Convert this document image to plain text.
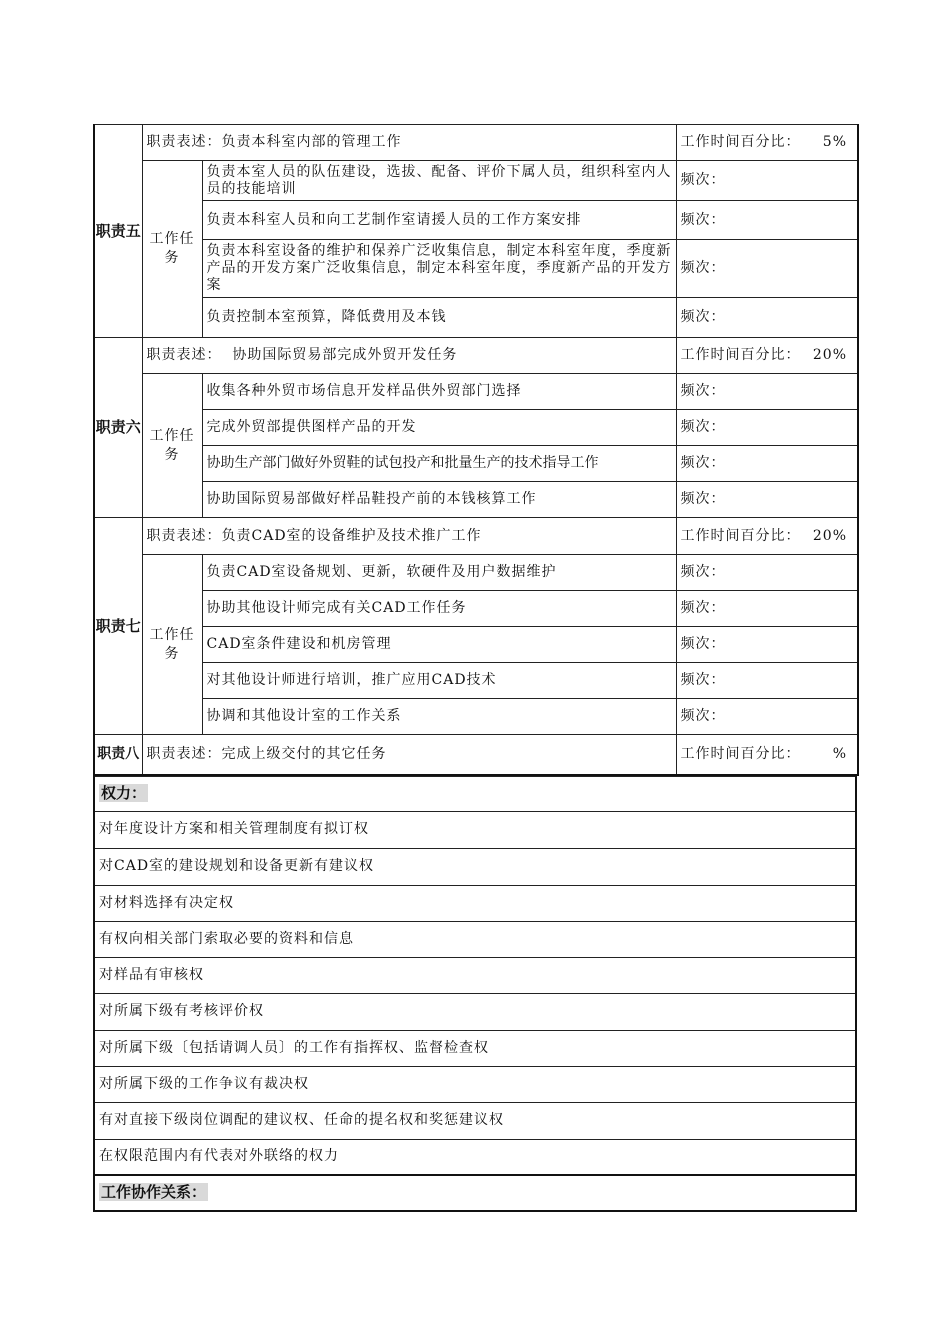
职责五	职责表述：负责本科室内部的管理工作		工作时间百分比： 5%

	工作任务	负责本室人员的队伍建设，选拔、配备、评价下属人员，组织科室内人员的技能培训	频次：
		负责本科室人员和向工艺制作室请援人员的工作方案安排	频次：
		负责本科室设备的维护和保养广泛收集信息，制定本科室年度，季度新产品的开发方案广泛收集信息，制定本科室年度，季度新产品的开发方案	频次：
		负责控制本室预算，降低费用及本钱	频次：
职责六	职责表述：  协助国际贸易部完成外贸开发任务		工作时间百分比： 20%

	工作任务	收集各种外贸市场信息开发样品供外贸部门选择	频次：
		完成外贸部提供图样产品的开发	频次：
		协助生产部门做好外贸鞋的试包投产和批量生产的技术指导工作	频次：
		协助国际贸易部做好样品鞋投产前的本钱核算工作	频次：
职责七	职责表述：负责CAD室的设备维护及技术推广工作		工作时间百分比： 20%

	工作任务	负责CAD室设备规划、更新，软硬件及用户数据维护	频次：
		协助其他设计师完成有关CAD工作任务	频次：
		CAD室条件建设和机房管理	频次：
		对其他设计师进行培训，推广应用CAD技术	频次：
		协调和其他设计室的工作关系	频次：
职责八	职责表述：完成上级交付的其它任务		工作时间百分比： %
权力：
对年度设计方案和相关管理制度有拟订权
对CAD室的建设规划和设备更新有建议权
对材料选择有决定权
有权向相关部门索取必要的资料和信息
对样品有审核权
对所属下级有考核评价权
对所属下级〔包括请调人员〕的工作有指挥权、监督检查权
对所属下级的工作争议有裁决权
有对直接下级岗位调配的建议权、任命的提名权和奖惩建议权
在权限范围内有代表对外联络的权力
工作协作关系：
